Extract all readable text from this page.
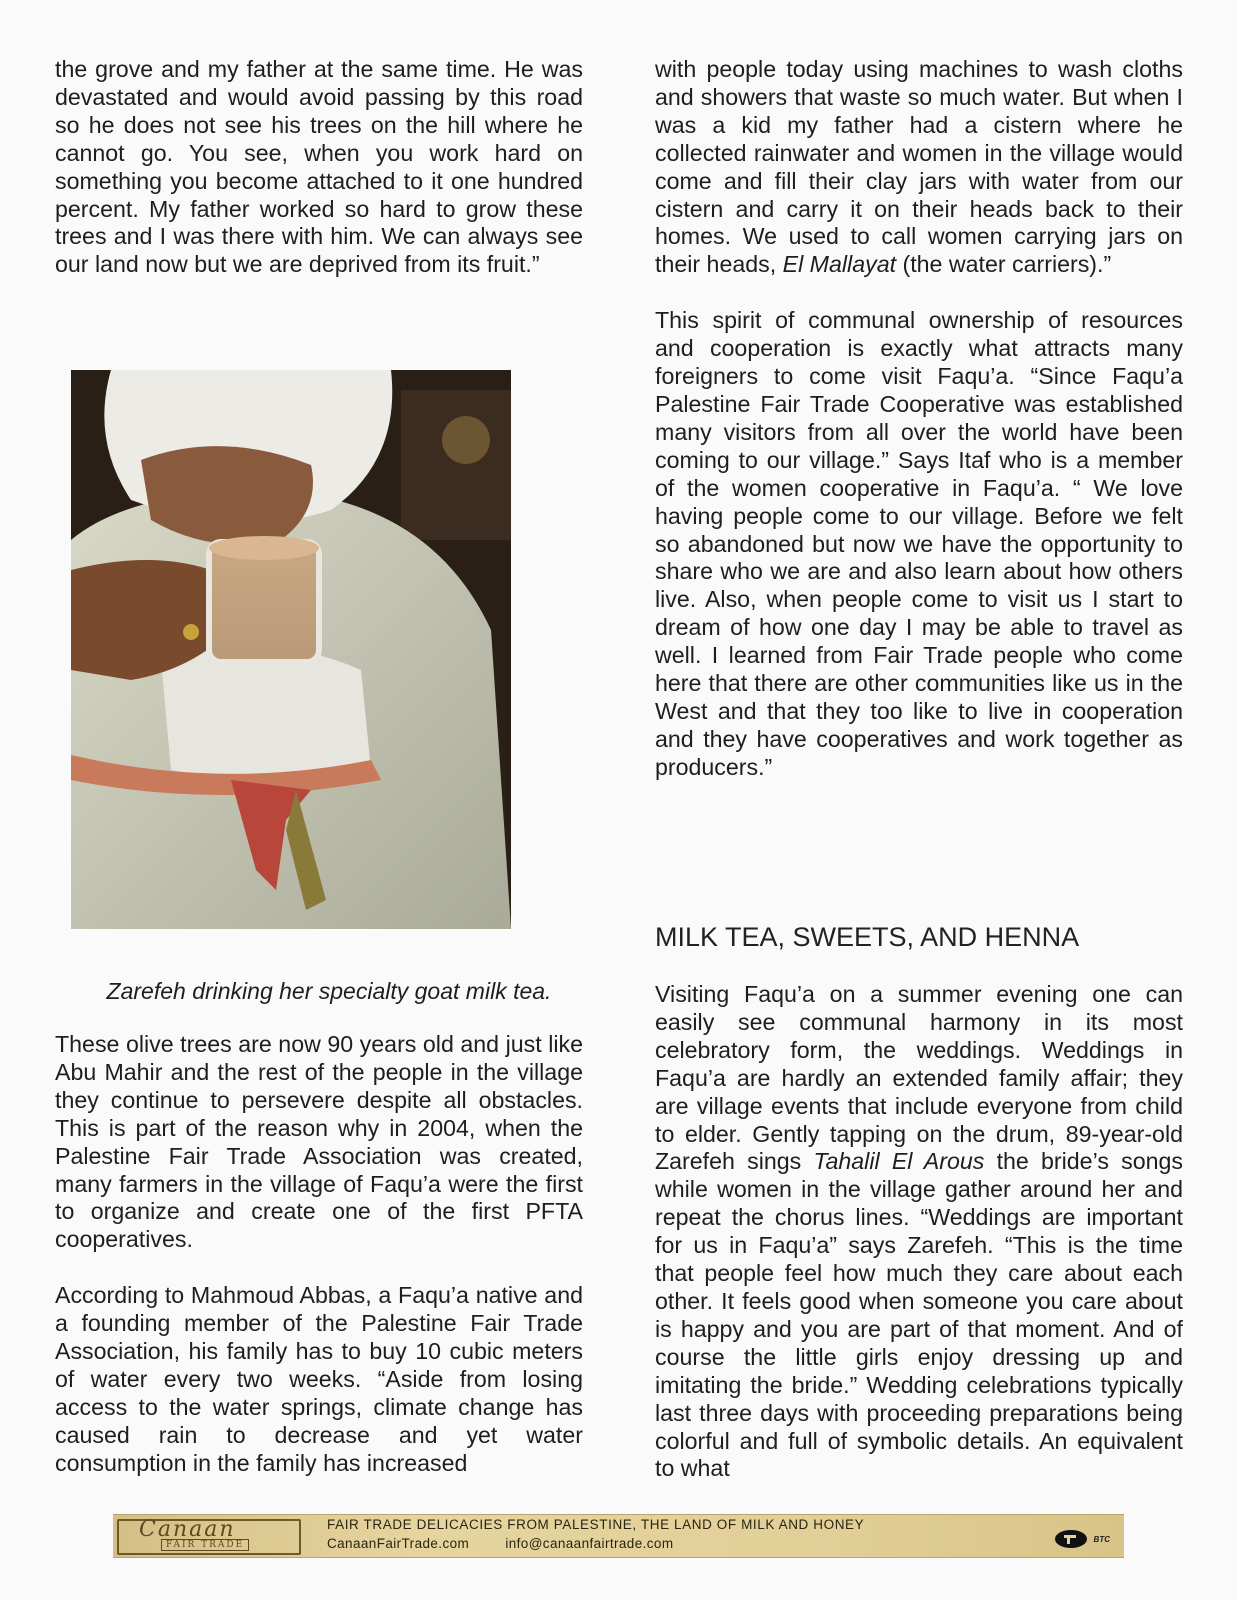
the grove and my father at the same time. He was devastated and would avoid passing by this road so he does not see his trees on the hill where he cannot go. You see, when you work hard on something you become attached to it one hundred percent. My father worked so hard to grow these trees and I was there with him. We can always see our land now but we are deprived from its fruit.”

Zarefeh drinking her specialty goat milk tea.

These olive trees are now 90 years old and just like Abu Mahir and the rest of the people in the village they continue to persevere despite all obstacles. This is part of the reason why in 2004, when the Palestine Fair Trade Association was created, many farmers in the village of Faqu’a were the first to organize and create one of the first PFTA cooperatives.

According to Mahmoud Abbas, a Faqu’a native and a founding member of the Palestine Fair Trade Association, his family has to buy 10 cubic meters of water every two weeks. “Aside from losing access to the water springs, climate change has caused rain to decrease and yet water consumption in the family has increased

with people today using machines to wash cloths and showers that waste so much water. But when I was a kid my father had a cistern where he collected rainwater and women in the village would come and fill their clay jars with water from our cistern and carry it on their heads back to their homes. We used to call women carrying jars on their heads, El Mallayat (the water carriers).”

This spirit of communal ownership of resources and cooperation is exactly what attracts many foreigners to come visit Faqu’a. “Since Faqu’a Palestine Fair Trade Cooperative was established many visitors from all over the world have been coming to our village.” Says Itaf who is a member of the women cooperative in Faqu’a. “ We love having people come to our village. Before we felt so abandoned but now we have the opportunity to share who we are and also learn about how others live. Also, when people come to visit us I start to dream of how one day I may be able to travel as well. I learned from Fair Trade people who come here that there are other communities like us in the West and that they too like to live in cooperation and they have cooperatives and work together as producers.”

MILK TEA, SWEETS, AND HENNA

Visiting Faqu’a on a summer evening one can easily see communal harmony in its most celebratory form, the weddings. Weddings in Faqu’a are hardly an extended family affair; they are village events that include everyone from child to elder. Gently tapping on the drum, 89-year-old Zarefeh sings Tahalil El Arous the bride’s songs while women in the village gather around her and repeat the chorus lines. “Weddings are important for us in Faqu’a” says Zarefeh. “This is the time that people feel how much they care about each other. It feels good when someone you care about is happy and you are part of that moment. And of course the little girls enjoy dressing up and imitating the bride.” Wedding celebrations typically last three days with proceeding preparations being colorful and full of symbolic details. An equivalent to what

Canaan
FAIR TRADE
FAIR TRADE DELICACIES FROM PALESTINE, THE LAND OF MILK AND HONEY
CanaanFairTrade.com	info@canaanfairtrade.com	BTC
